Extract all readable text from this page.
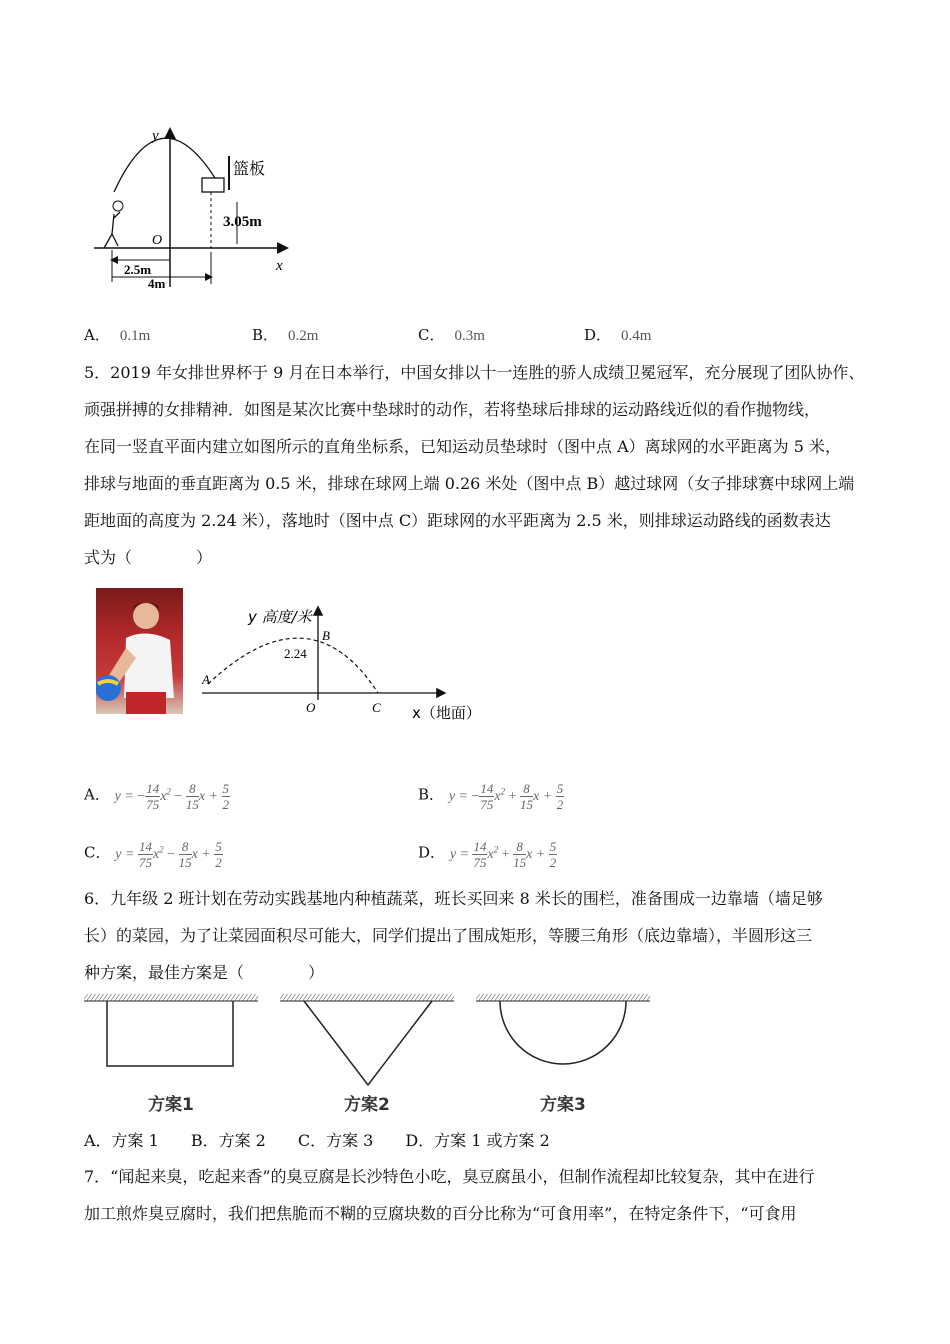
y
x
O
篮板
3.05m
2.5m
4m
A． 0.1m	B． 0.2m	C． 0.3m	D． 0.4m
5．2019 年女排世界杯于 9 月在日本举行，中国女排以十一连胜的骄人成绩卫冕冠军，充分展现了团队协作、
顽强拼搏的女排精神．如图是某次比赛中垫球时的动作，若将垫球后排球的运动路线近似的看作抛物线，
在同一竖直平面内建立如图所示的直角坐标系，已知运动员垫球时（图中点 A）离球网的水平距离为 5 米，
排球与地面的垂直距离为 0.5 米，排球在球网上端 0.26 米处（图中点 B）越过球网（女子排球赛中球网上端
距地面的高度为 2.24 米），落地时（图中点 C）距球网的水平距离为 2.5 米，则排球运动路线的函数表达
式为（　　　　）
y 高度/米
B
2.24
A
O	C x（地面）
A． y = − $\frac{14}{75} x^2 - \frac{8}{15}$ $x + \frac{5}{2}$	B． y = − $\frac{14}{75} x^2 + \frac{8}{15}$ $x + \frac{5}{2}$
C． $y = \frac{14}{75} x^2 - \frac{8}{15}$ $x + \frac{5}{2}$	D． $y = \frac{14}{75} x^2 + \frac{8}{15}$ $x + \frac{5}{2}$
6．九年级 2 班计划在劳动实践基地内种植蔬菜，班长买回来 8 米长的围栏，准备围成一边靠墙（墙足够
长）的菜园，为了让菜园面积尽可能大，同学们提出了围成矩形，等腰三角形（底边靠墙），半圆形这三
种方案，最佳方案是（　　　　）
方案1	方案2	方案3
A．方案 1　　B．方案 2　　C．方案 3　　D．方案 1 或方案 2
7．“闻起来臭，吃起来香”的臭豆腐是长沙特色小吃，臭豆腐虽小，但制作流程却比较复杂，其中在进行
加工煎炸臭豆腐时，我们把焦脆而不糊的豆腐块数的百分比称为“可食用率”，在特定条件下，“可食用
